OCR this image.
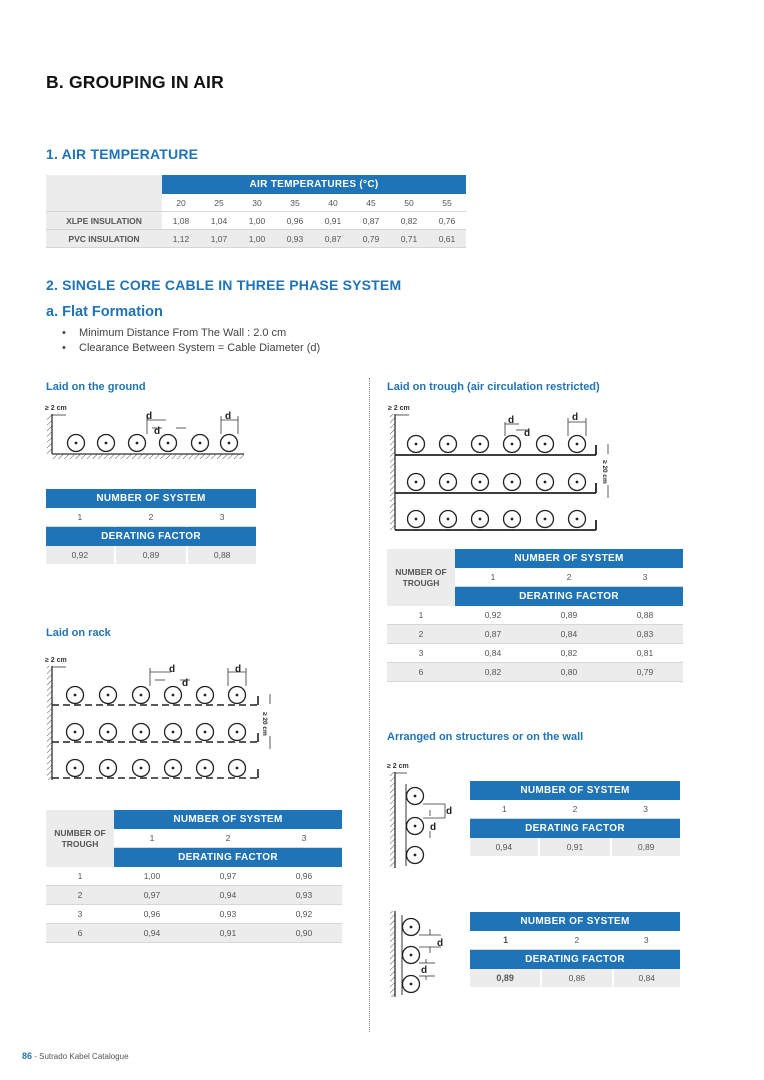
B. GROUPING IN AIR
1. AIR TEMPERATURE
	AIR TEMPERATURES (°C)							
	20	25	30	35	40	45	50	55
XLPE INSULATION	1,08	1,04	1,00	0,96	0,91	0,87	0,82	0,76
PVC INSULATION	1,12	1,07	1,00	0,93	0,87	0,79	0,71	0,61
2. SINGLE CORE CABLE IN THREE PHASE SYSTEM
a. Flat Formation
• Minimum Distance From The Wall : 2.0 cm
• Clearance Between System = Cable Diameter (d)
Laid on the ground
≥ 2 cm
d
d
d
NUMBER OF SYSTEM		
1	2	3
DERATING FACTOR		
0,92	0,89	0,88
Laid on rack
≥ 2 cm
d
d
d
≥ 20 cm
NUMBER OF TROUGH	NUMBER OF SYSTEM		
	1	2	3
	DERATING FACTOR		
1	1,00	0,97	0,96
2	0,97	0,94	0,93
3	0,96	0,93	0,92
6	0,94	0,91	0,90
Laid on trough (air circulation restricted)
≥ 2 cm
d
d
d
≥ 20 cm
NUMBER OF TROUGH	NUMBER OF SYSTEM		
	1	2	3
	DERATING FACTOR		
1	0,92	0,89	0,88
2	0,87	0,84	0,83
3	0,84	0,82	0,81
6	0,82	0,80	0,79
Arranged on structures or on the wall
≥ 2 cm
d
d
NUMBER OF SYSTEM		
1	2	3
DERATING FACTOR		
0,94	0,91	0,89
d
d
NUMBER OF SYSTEM		
1	2	3
DERATING FACTOR		
0,89	0,86	0,84
86 - Sutrado Kabel Catalogue
